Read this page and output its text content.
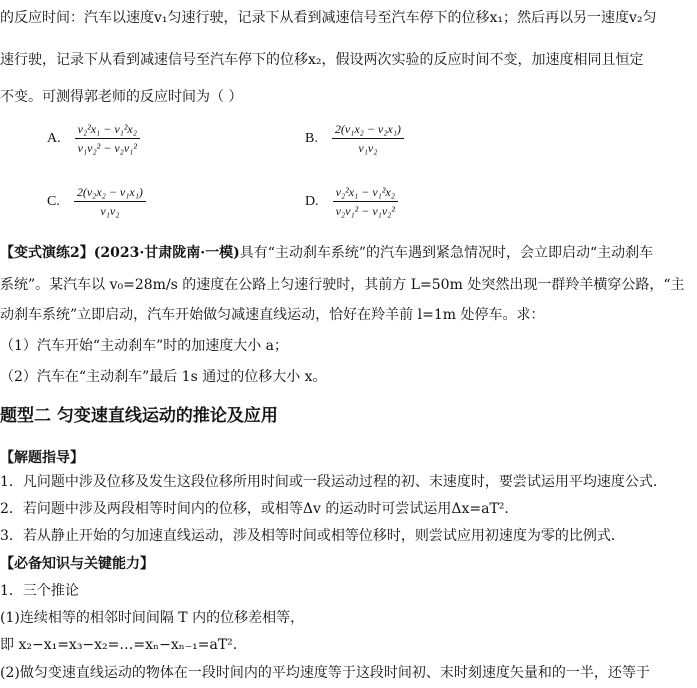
的反应时间：汽车以速度v₁匀速行驶，记录下从看到减速信号至汽车停下的位移x₁；然后再以另一速度v₂匀
速行驶，记录下从看到减速信号至汽车停下的位移x₂，假设两次实验的反应时间不变，加速度相同且恒定
不变。可测得郭老师的反应时间为（ ）
A. $\frac{\text{v₂²x₁ − v₁²x₂}}{\text{v₁v₂² − v₂v₁²}}$	B. $\frac{\text{2(v₁x₂ − v₂x₁)}}{\text{v₁v₂}}$
C. $\frac{\text{2(v₂x₂ − v₁x₁)}}{\text{v₁v₂}}$	D. $\frac{\text{v₂²x₁ − v₁²x₂}}{\text{v₂v₁² − v₁v₂²}}$
【变式演练2】(2023·甘肃陇南·一模)具有“主动刹车系统”的汽车遇到紧急情况时，会立即启动“主动刹车
系统”。某汽车以 v₀=28m/s 的速度在公路上匀速行驶时，其前方 L=50m 处突然出现一群羚羊横穿公路，“主
动刹车系统”立即启动，汽车开始做匀减速直线运动，恰好在羚羊前 l=1m 处停车。求：
（1）汽车开始“主动刹车”时的加速度大小 a；
（2）汽车在“主动刹车”最后 1s 通过的位移大小 x。
题型二 匀变速直线运动的推论及应用
【解题指导】
1．凡问题中涉及位移及发生这段位移所用时间或一段运动过程的初、末速度时，要尝试运用平均速度公式.
2．若问题中涉及两段相等时间内的位移，或相等Δv 的运动时可尝试运用Δx=aT².
3．若从静止开始的匀加速直线运动，涉及相等时间或相等位移时，则尝试应用初速度为零的比例式．
【必备知识与关键能力】
1．三个推论
(1)连续相等的相邻时间间隔 T 内的位移差相等，
即 x₂−x₁=x₃−x₂=…=xₙ−xₙ₋₁=aT².
(2)做匀变速直线运动的物体在一段时间内的平均速度等于这段时间初、末时刻速度矢量和的一半，还等于
